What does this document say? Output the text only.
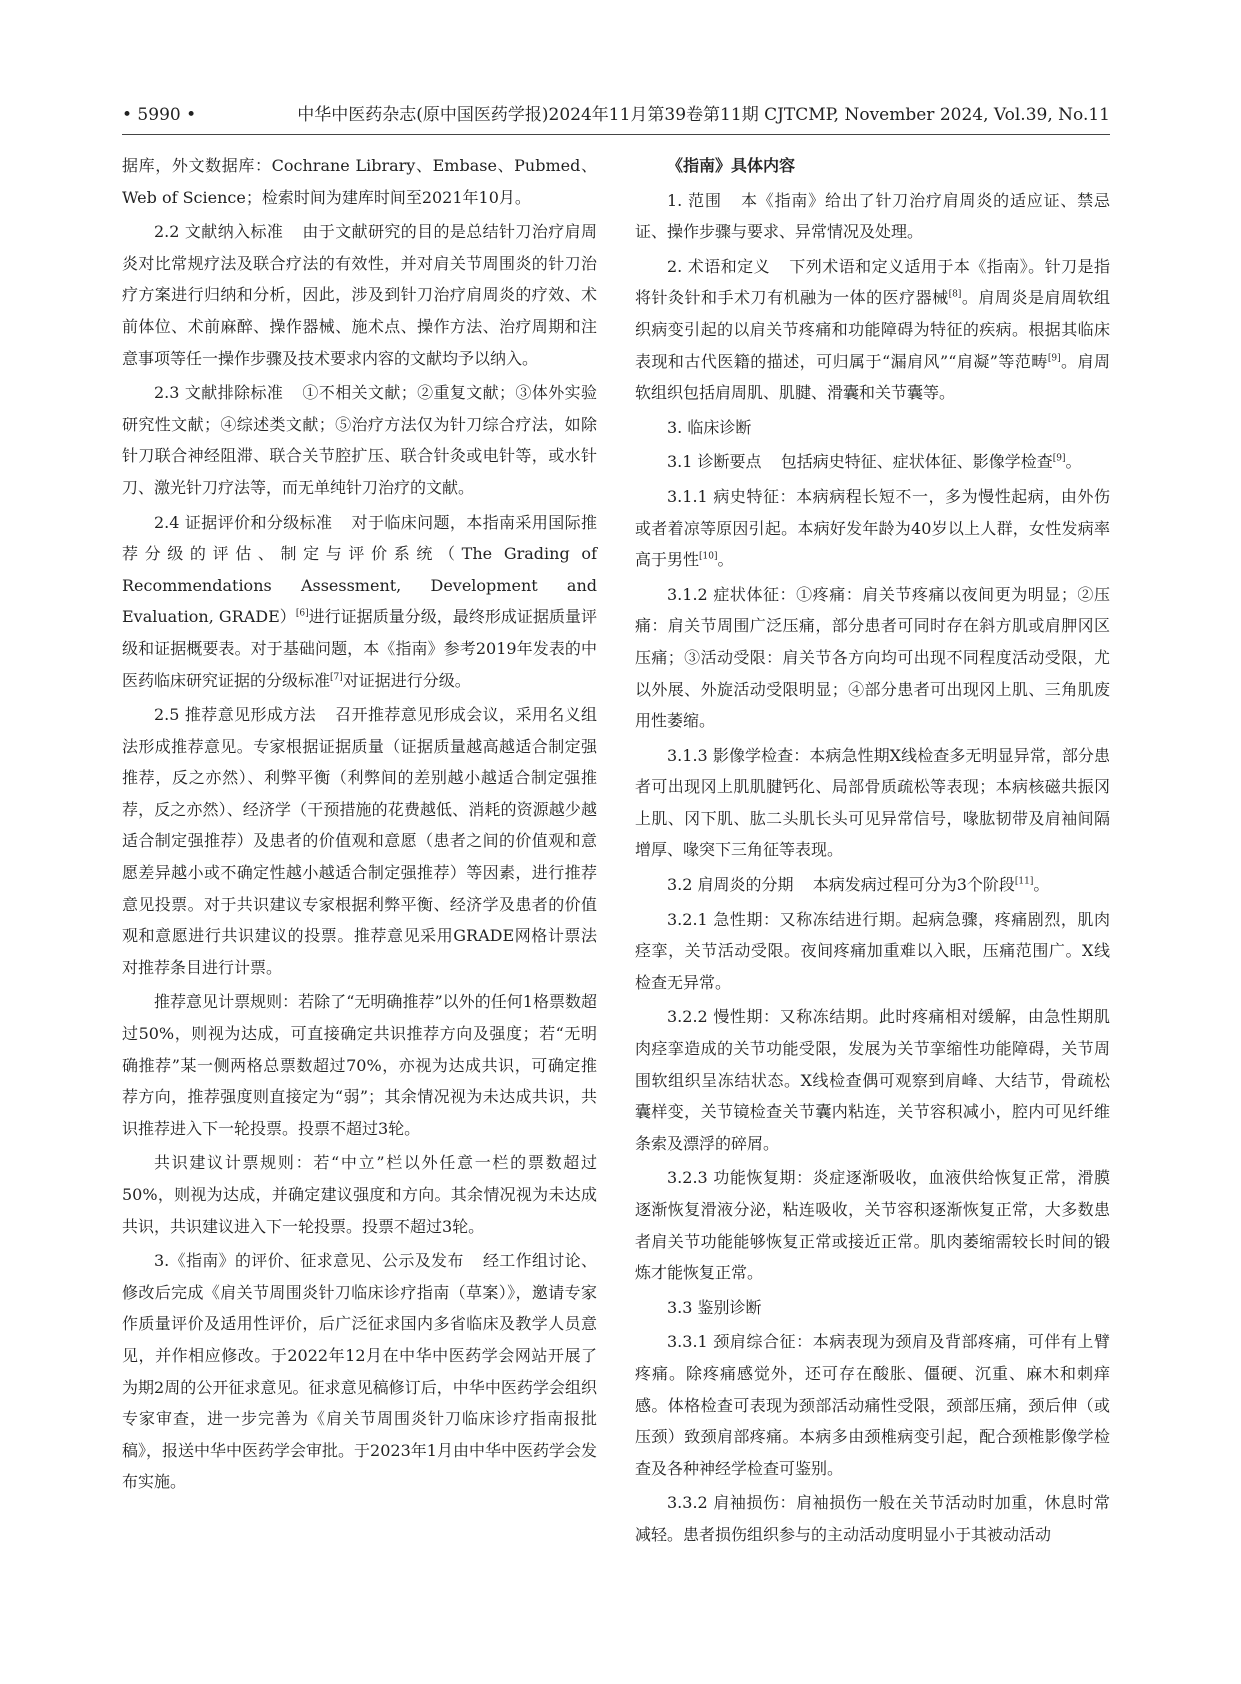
• 5990 •	中华中医药杂志(原中国医药学报)2024年11月第39卷第11期 CJTCMP, November 2024, Vol.39, No.11

据库，外文数据库：Cochrane Library、Embase、Pubmed、Web of Science；检索时间为建库时间至2021年10月。

2.2 文献纳入标准 由于文献研究的目的是总结针刀治疗肩周炎对比常规疗法及联合疗法的有效性，并对肩关节周围炎的针刀治疗方案进行归纳和分析，因此，涉及到针刀治疗肩周炎的疗效、术前体位、术前麻醉、操作器械、施术点、操作方法、治疗周期和注意事项等任一操作步骤及技术要求内容的文献均予以纳入。

2.3 文献排除标准 ①不相关文献；②重复文献；③体外实验研究性文献；④综述类文献；⑤治疗方法仅为针刀综合疗法，如除针刀联合神经阻滞、联合关节腔扩压、联合针灸或电针等，或水针刀、激光针刀疗法等，而无单纯针刀治疗的文献。

2.4 证据评价和分级标准 对于临床问题，本指南采用国际推荐分级的评估、制定与评价系统（The Grading of Recommendations Assessment, Development and Evaluation, GRADE）[6]进行证据质量分级，最终形成证据质量评级和证据概要表。对于基础问题，本《指南》参考2019年发表的中医药临床研究证据的分级标准[7]对证据进行分级。

2.5 推荐意见形成方法 召开推荐意见形成会议，采用名义组法形成推荐意见。专家根据证据质量（证据质量越高越适合制定强推荐，反之亦然）、利弊平衡（利弊间的差别越小越适合制定强推荐，反之亦然）、经济学（干预措施的花费越低、消耗的资源越少越适合制定强推荐）及患者的价值观和意愿（患者之间的价值观和意愿差异越小或不确定性越小越适合制定强推荐）等因素，进行推荐意见投票。对于共识建议专家根据利弊平衡、经济学及患者的价值观和意愿进行共识建议的投票。推荐意见采用GRADE网格计票法对推荐条目进行计票。

推荐意见计票规则：若除了“无明确推荐”以外的任何1格票数超过50%，则视为达成，可直接确定共识推荐方向及强度；若“无明确推荐”某一侧两格总票数超过70%，亦视为达成共识，可确定推荐方向，推荐强度则直接定为“弱”；其余情况视为未达成共识，共识推荐进入下一轮投票。投票不超过3轮。

共识建议计票规则：若“中立”栏以外任意一栏的票数超过50%，则视为达成，并确定建议强度和方向。其余情况视为未达成共识，共识建议进入下一轮投票。投票不超过3轮。

3.《指南》的评价、征求意见、公示及发布 经工作组讨论、修改后完成《肩关节周围炎针刀临床诊疗指南（草案）》，邀请专家作质量评价及适用性评价，后广泛征求国内多省临床及教学人员意见，并作相应修改。于2022年12月在中华中医药学会网站开展了为期2周的公开征求意见。征求意见稿修订后，中华中医药学会组织专家审查，进一步完善为《肩关节周围炎针刀临床诊疗指南报批稿》，报送中华中医药学会审批。于2023年1月由中华中医药学会发布实施。

《指南》具体内容

1. 范围 本《指南》给出了针刀治疗肩周炎的适应证、禁忌证、操作步骤与要求、异常情况及处理。

2. 术语和定义 下列术语和定义适用于本《指南》。针刀是指将针灸针和手术刀有机融为一体的医疗器械[8]。肩周炎是肩周软组织病变引起的以肩关节疼痛和功能障碍为特征的疾病。根据其临床表现和古代医籍的描述，可归属于“漏肩风”“肩凝”等范畴[9]。肩周软组织包括肩周肌、肌腱、滑囊和关节囊等。

3. 临床诊断

3.1 诊断要点 包括病史特征、症状体征、影像学检查[9]。

3.1.1 病史特征：本病病程长短不一，多为慢性起病，由外伤或者着凉等原因引起。本病好发年龄为40岁以上人群，女性发病率高于男性[10]。

3.1.2 症状体征：①疼痛：肩关节疼痛以夜间更为明显；②压痛：肩关节周围广泛压痛，部分患者可同时存在斜方肌或肩胛冈区压痛；③活动受限：肩关节各方向均可出现不同程度活动受限，尤以外展、外旋活动受限明显；④部分患者可出现冈上肌、三角肌废用性萎缩。

3.1.3 影像学检查：本病急性期X线检查多无明显异常，部分患者可出现冈上肌肌腱钙化、局部骨质疏松等表现；本病核磁共振冈上肌、冈下肌、肱二头肌长头可见异常信号，喙肱韧带及肩袖间隔增厚、喙突下三角征等表现。

3.2 肩周炎的分期 本病发病过程可分为3个阶段[11]。

3.2.1 急性期：又称冻结进行期。起病急骤，疼痛剧烈，肌肉痉挛，关节活动受限。夜间疼痛加重难以入眠，压痛范围广。X线检查无异常。

3.2.2 慢性期：又称冻结期。此时疼痛相对缓解，由急性期肌肉痉挛造成的关节功能受限，发展为关节挛缩性功能障碍，关节周围软组织呈冻结状态。X线检查偶可观察到肩峰、大结节，骨疏松囊样变，关节镜检查关节囊内粘连，关节容积减小，腔内可见纤维条索及漂浮的碎屑。

3.2.3 功能恢复期：炎症逐渐吸收，血液供给恢复正常，滑膜逐渐恢复滑液分泌，粘连吸收，关节容积逐渐恢复正常，大多数患者肩关节功能能够恢复正常或接近正常。肌肉萎缩需较长时间的锻炼才能恢复正常。

3.3 鉴别诊断

3.3.1 颈肩综合征：本病表现为颈肩及背部疼痛，可伴有上臂疼痛。除疼痛感觉外，还可存在酸胀、僵硬、沉重、麻木和刺痒感。体格检查可表现为颈部活动痛性受限，颈部压痛，颈后伸（或压颈）致颈肩部疼痛。本病多由颈椎病变引起，配合颈椎影像学检查及各种神经学检查可鉴别。

3.3.2 肩袖损伤：肩袖损伤一般在关节活动时加重，休息时常减轻。患者损伤组织参与的主动活动度明显小于其被动活动
